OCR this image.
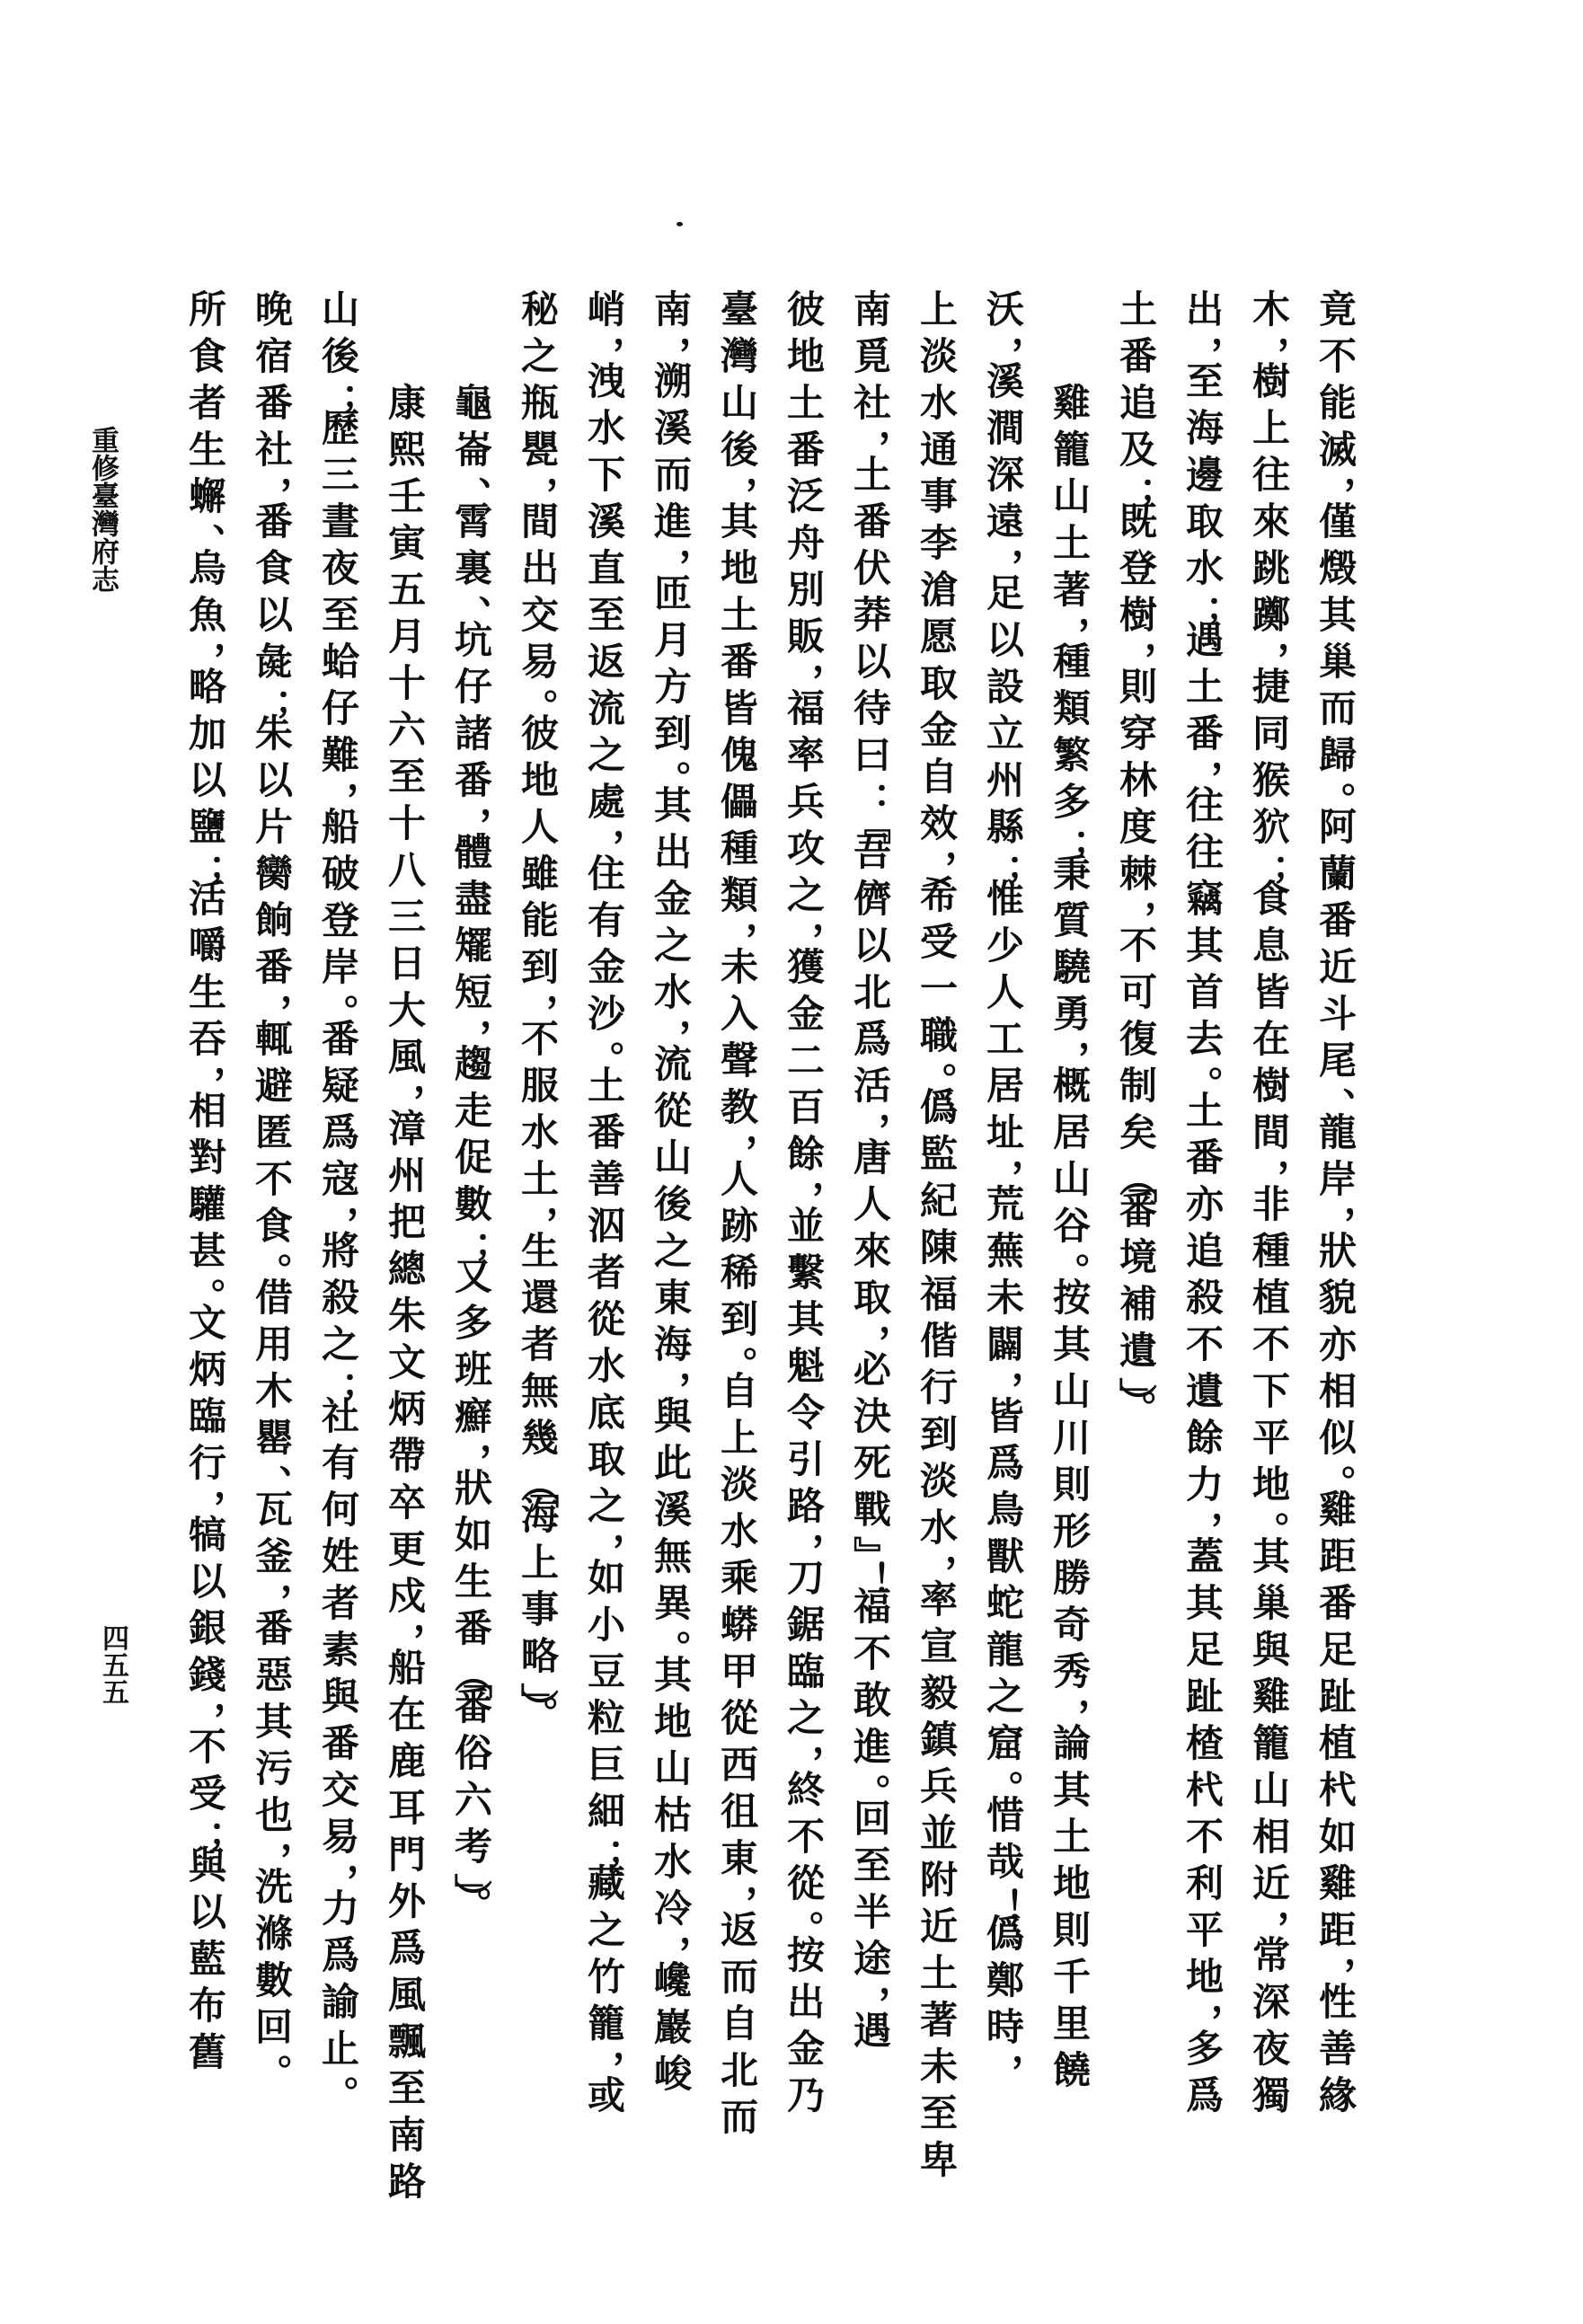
竟不能滅，僅燬其巢而歸。阿蘭番近斗尾、龍岸，狀貌亦相似。雞距番足趾植杙如雞距，性善緣
木，樹上往來跳躑，捷同猴狖；食息皆在樹間，非種植不下平地。其巢與雞籠山相近，常深夜獨
出，至海邊取水；遇土番，往往竊其首去。土番亦追殺不遺餘力，蓋其足趾楂杙不利平地，多爲
土番追及；既登樹，則穿林度棘，不可復制矣（「番境補遺」）。
雞籠山土著，種類繁多；秉質驍勇，概居山谷。按其山川則形勝奇秀，論其土地則千里饒
沃，溪澗深遠，足以設立州縣；惟少人工居址，荒蕪未闢，皆爲鳥獸蛇龍之窟。惜哉！僞鄭時，
上淡水通事李滄愿取金自效，希受一職。僞監紀陳福偕行到淡水，率宣毅鎮兵並附近土著未至卑
南覓社，土番伏莽以待曰：『吾儕以北爲活，唐人來取，必決死戰』！福不敢進。回至半途，遇
彼地土番泛舟別販，福率兵攻之，獲金二百餘，並繫其魁令引路，刀鋸臨之，終不從。按出金乃
臺灣山後，其地土番皆傀儡種類，未入聲教，人跡稀到。自上淡水乘蟒甲從西徂東，返而自北而
南，溯溪而進，匝月方到。其出金之水，流從山後之東海，與此溪無異。其地山枯水冷，巉巖峻
峭，洩水下溪直至返流之處，住有金沙。土番善泅者從水底取之，如小豆粒巨細；藏之竹籠，或
秘之瓶甖，間出交易。彼地人雖能到，不服水土，生還者無幾（「海上事略」）。
龜崙、霄裏、坑仔諸番，體盡矲短，趨走促數；又多班癬，狀如生番（「番俗六考」）。
康熙壬寅五月十六至十八三日大風，漳州把總朱文炳帶卒更戍，船在鹿耳門外爲風飄至南路
山後；歷三晝夜至蛤仔難，船破登岸。番疑爲寇，將殺之；社有何姓者素與番交易，力爲諭止。
晚宿番社，番食以彘；朱以片臠餉番，輒避匿不食。借用木罌、瓦釜，番惡其污也，洗滌數回。
所食者生蠏、烏魚，略加以鹽；活嚼生吞，相對驩甚。文炳臨行，犒以銀錢，不受；與以藍布舊
重修臺灣府志
四五五
